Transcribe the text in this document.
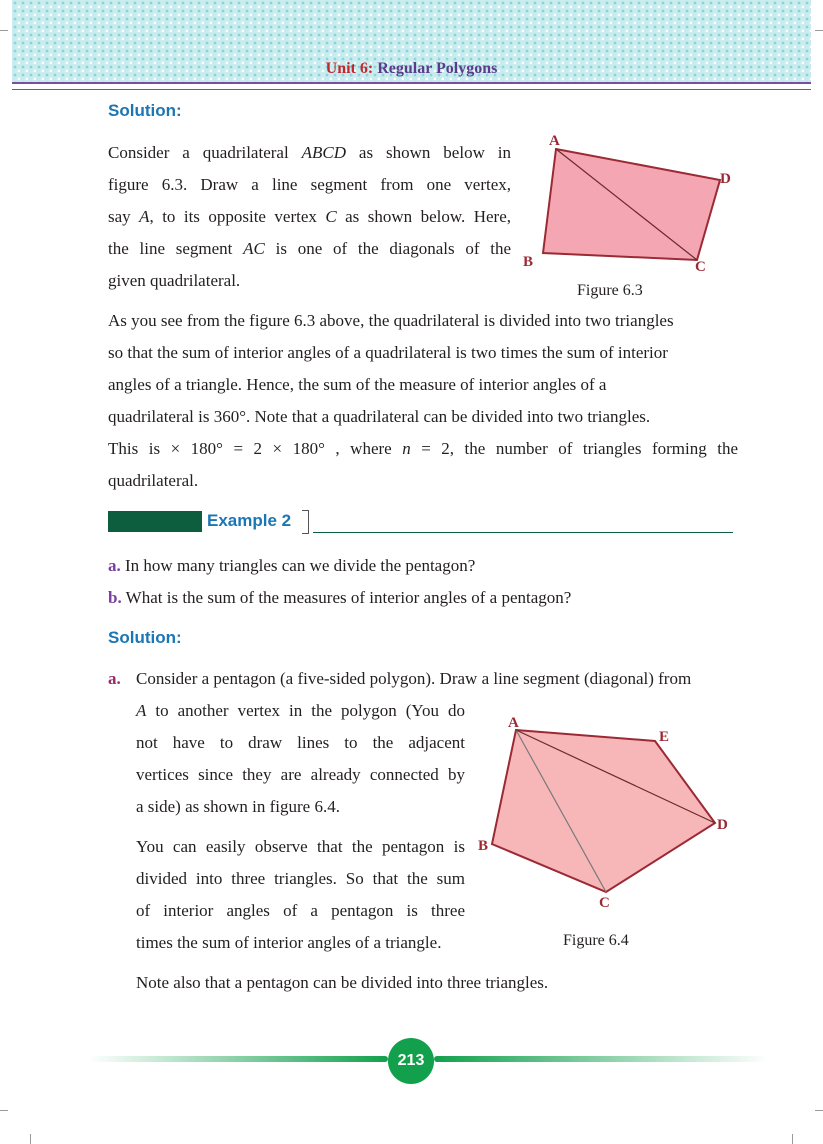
Unit 6: Regular Polygons
Solution:
Consider a quadrilateral ABCD as shown below in
figure 6.3. Draw a line segment from one vertex,
say A, to its opposite vertex C as shown below. Here,
the line segment AC is one of the diagonals of the
given quadrilateral.
A
D
B	C
Figure 6.3
As you see from the figure 6.3 above, the quadrilateral is divided into two triangles
so that the sum of interior angles of a quadrilateral is two times the sum of interior
angles of a triangle. Hence, the sum of the measure of interior angles of a
quadrilateral is 360°. Note that a quadrilateral can be divided into two triangles.
This is × 180° = 2 × 180° , where n = 2, the number of triangles forming the
quadrilateral.
Example 2
a. In how many triangles can we divide the pentagon?
b. What is the sum of the measures of interior angles of a pentagon?
Solution:
a. Consider a pentagon (a five-sided polygon). Draw a line segment (diagonal) from
A to another vertex in the polygon (You do
not have to draw lines to the adjacent
vertices since they are already connected by
a side) as shown in figure 6.4.
You can easily observe that the pentagon is
divided into three triangles. So that the sum
of interior angles of a pentagon is three
times the sum of interior angles of a triangle.
A
E
D
B
C
Figure 6.4
Note also that a pentagon can be divided into three triangles.
213
